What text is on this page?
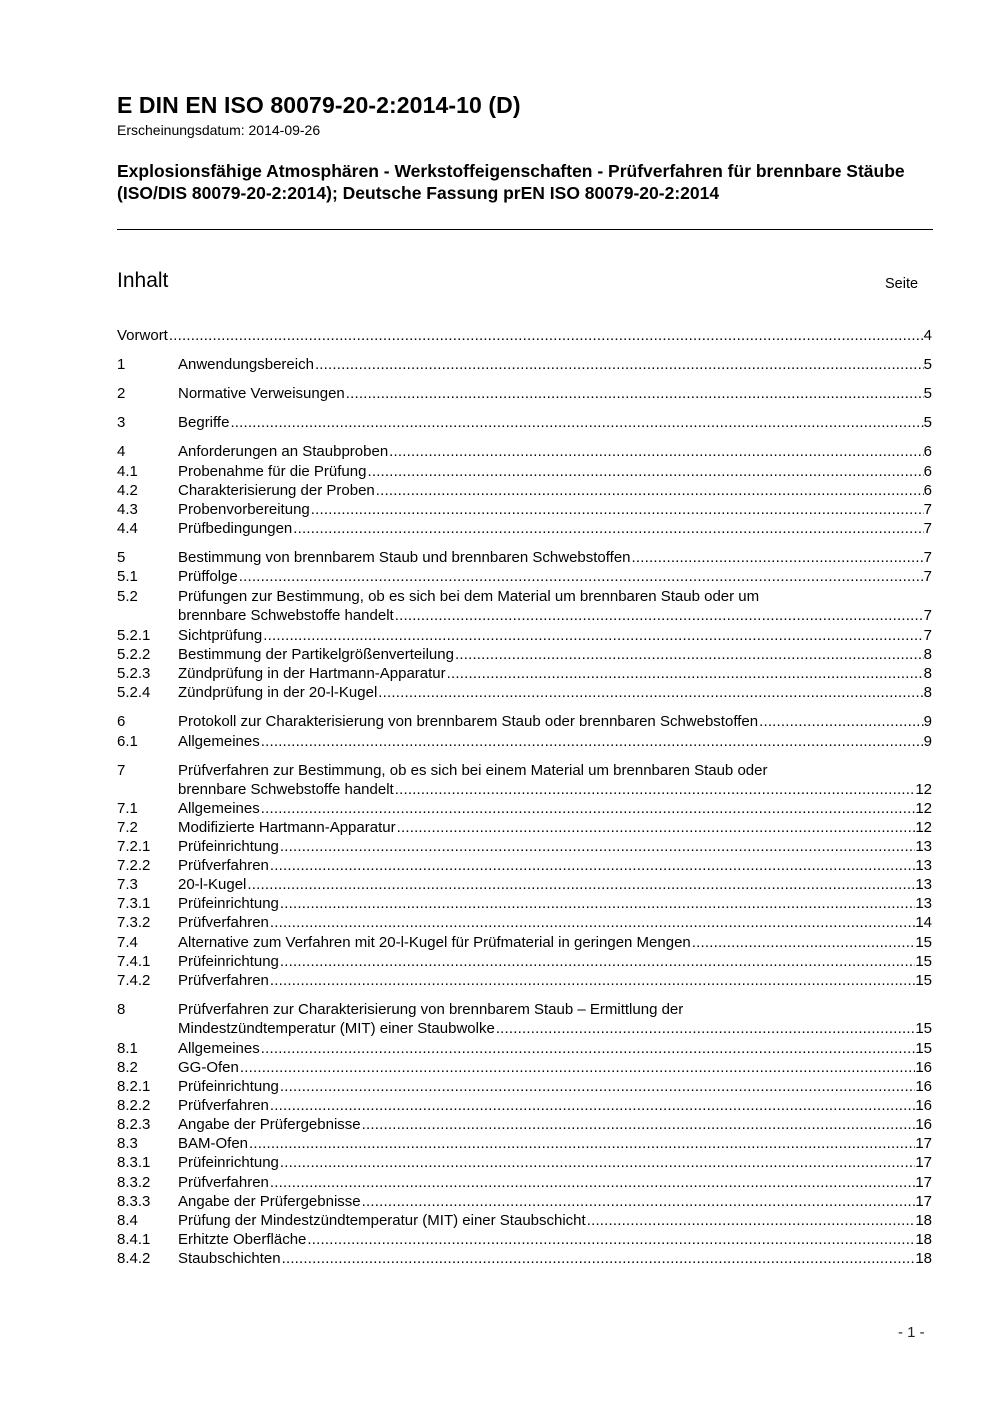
E DIN EN ISO 80079-20-2:2014-10 (D)
Erscheinungsdatum: 2014-09-26
Explosionsfähige Atmosphären - Werkstoffeigenschaften - Prüfverfahren für brennbare Stäube (ISO/DIS 80079-20-2:2014); Deutsche Fassung prEN ISO 80079-20-2:2014
Inhalt	Seite
Vorwort .....	4
1	Anwendungsbereich .....	5
2	Normative Verweisungen .....	5
3	Begriffe .....	5
4	Anforderungen an Staubproben .....	6
4.1	Probenahme für die Prüfung .....	6
4.2	Charakterisierung der Proben .....	6
4.3	Probenvorbereitung .....	7
4.4	Prüfbedingungen .....	7
5	Bestimmung von brennbarem Staub und brennbaren Schwebstoffen .....	7
5.1	Prüffolge .....	7
5.2	Prüfungen zur Bestimmung, ob es sich bei dem Material um brennbaren Staub oder um
brennbare Schwebstoffe handelt .....	7
5.2.1 Sichtprüfung .....	7
5.2.2 Bestimmung der Partikelgrößenverteilung .....	8
5.2.3 Zündprüfung in der Hartmann-Apparatur .....	8
5.2.4 Zündprüfung in der 20-l-Kugel .....	8
6	Protokoll zur Charakterisierung von brennbarem Staub oder brennbaren Schwebstoffen .....	9
6.1	Allgemeines .....	9
7	Prüfverfahren zur Bestimmung, ob es sich bei einem Material um brennbaren Staub oder
brennbare Schwebstoffe handelt .....	12
7.1	Allgemeines .....	12
7.2	Modifizierte Hartmann-Apparatur .....	12
7.2.1 Prüfeinrichtung .....	13
7.2.2 Prüfverfahren .....	13
7.3	20-l-Kugel .....	13
7.3.1 Prüfeinrichtung .....	13
7.3.2 Prüfverfahren .....	14
7.4	Alternative zum Verfahren mit 20-l-Kugel für Prüfmaterial in geringen Mengen .....	15
7.4.1 Prüfeinrichtung .....	15
7.4.2 Prüfverfahren .....	15
8	Prüfverfahren zur Charakterisierung von brennbarem Staub – Ermittlung der
Mindestzündtemperatur (MIT) einer Staubwolke .....	15
8.1	Allgemeines .....	15
8.2	GG-Ofen .....	16
8.2.1 Prüfeinrichtung .....	16
8.2.2 Prüfverfahren .....	16
8.2.3 Angabe der Prüfergebnisse .....	16
8.3	BAM-Ofen .....	17
8.3.1 Prüfeinrichtung .....	17
8.3.2 Prüfverfahren .....	17
8.3.3 Angabe der Prüfergebnisse .....	17
8.4	Prüfung der Mindestzündtemperatur (MIT) einer Staubschicht .....	18
8.4.1 Erhitzte Oberfläche .....	18
8.4.2 Staubschichten .....	18
- 1 -
